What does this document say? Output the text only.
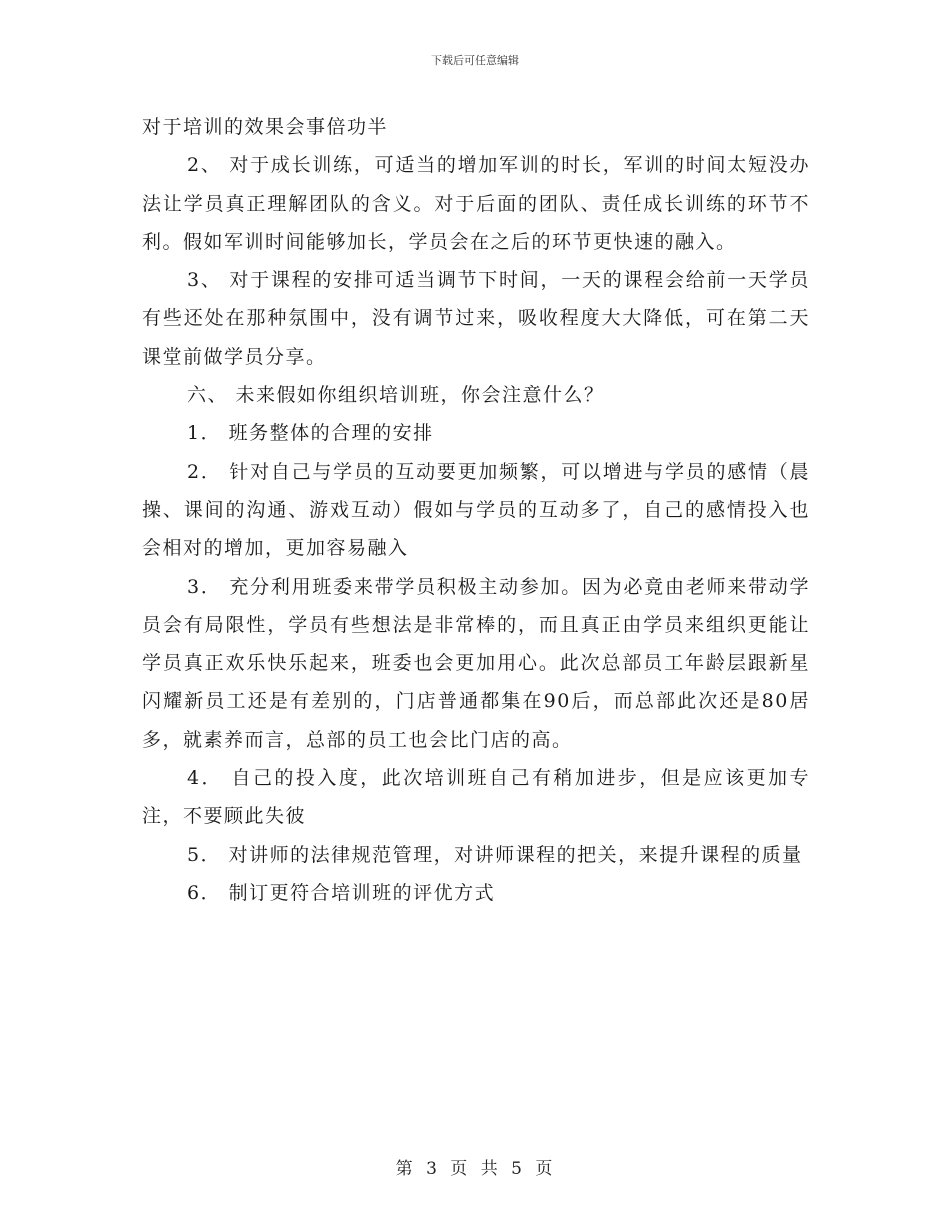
下载后可任意编辑

对于培训的效果会事倍功半

2、 对于成长训练，可适当的增加军训的时长，军训的时间太短没办法让学员真正理解团队的含义。对于后面的团队、责任成长训练的环节不利。假如军训时间能够加长，学员会在之后的环节更快速的融入。

3、 对于课程的安排可适当调节下时间，一天的课程会给前一天学员有些还处在那种氛围中，没有调节过来，吸收程度大大降低，可在第二天课堂前做学员分享。

六、 未来假如你组织培训班，你会注意什么？

1． 班务整体的合理的安排

2． 针对自己与学员的互动要更加频繁，可以增进与学员的感情（晨操、课间的沟通、游戏互动）假如与学员的互动多了，自己的感情投入也会相对的增加，更加容易融入

3． 充分利用班委来带学员积极主动参加。因为必竟由老师来带动学员会有局限性，学员有些想法是非常棒的，而且真正由学员来组织更能让学员真正欢乐快乐起来，班委也会更加用心。此次总部员工年龄层跟新星闪耀新员工还是有差别的，门店普通都集在90后，而总部此次还是80居多，就素养而言，总部的员工也会比门店的高。

4． 自己的投入度，此次培训班自己有稍加进步，但是应该更加专注，不要顾此失彼

5． 对讲师的法律规范管理，对讲师课程的把关，来提升课程的质量

6． 制订更符合培训班的评优方式

第 3 页 共 5 页
